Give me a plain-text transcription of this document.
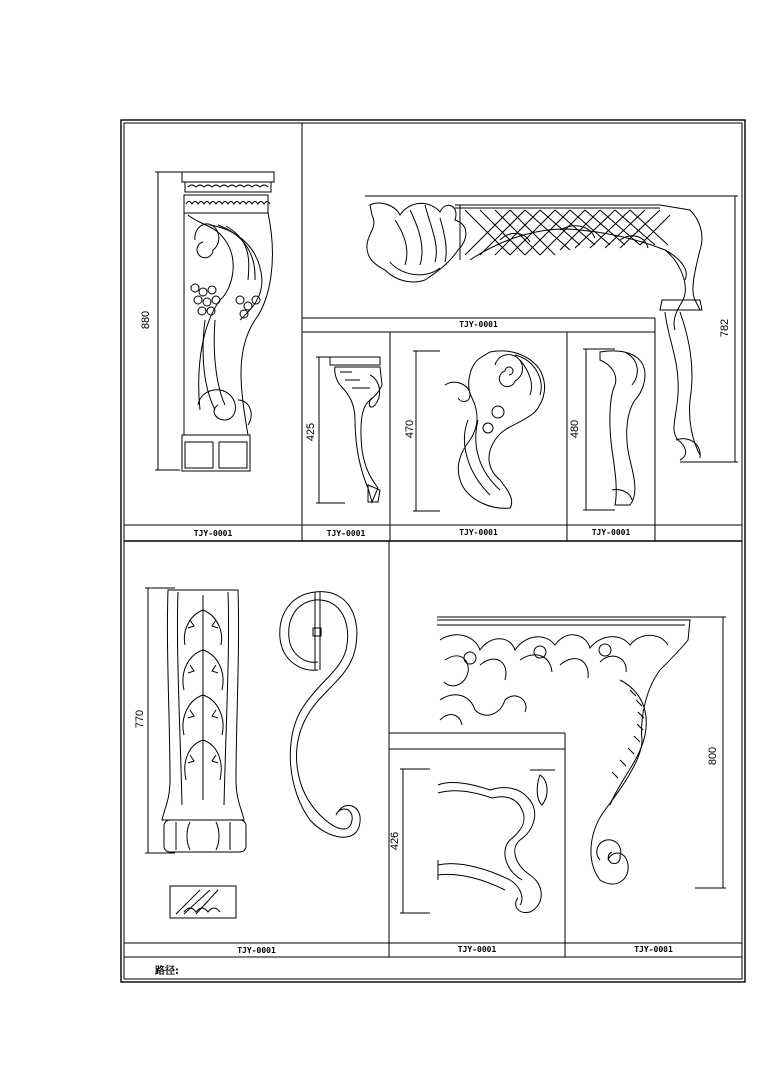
880	782
425	470	480
770
800
426
TJY-0001
TJY-0001
TJY-0001	TJY-0001	TJY-0001
TJY-0001	TJY-0001	TJY-0001
路径:
